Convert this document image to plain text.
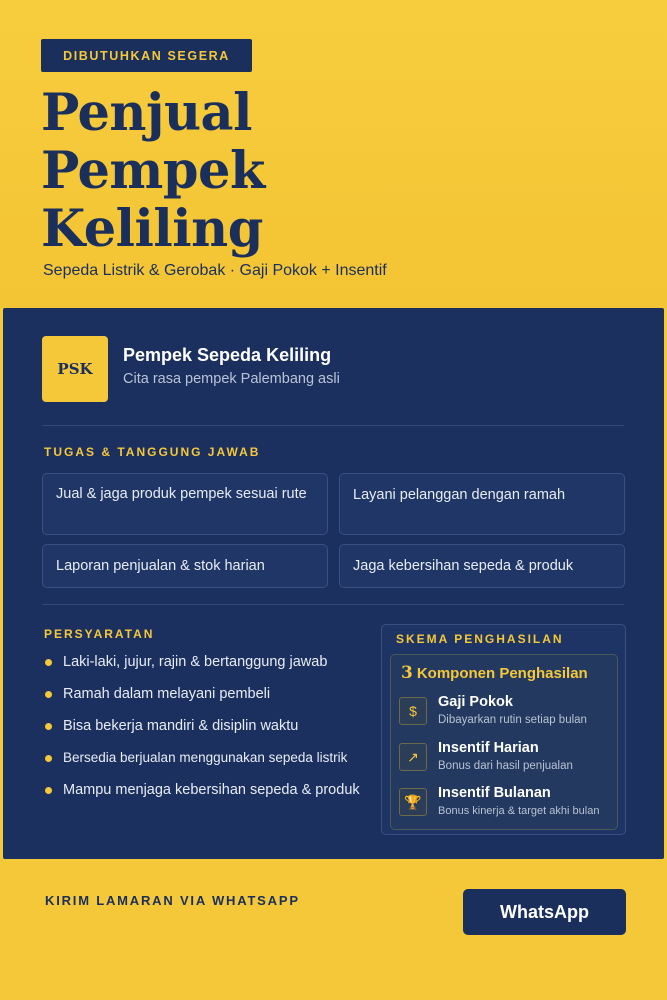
DIBUTUHKAN SEGERA
Penjual
Pempek
Keliling
Sepeda Listrik & Gerobak · Gaji Pokok + Insentif
PSK
Pempek Sepeda Keliling
Cita rasa pempek Palembang asli
TUGAS & TANGGUNG JAWAB
Jual & jaga produk pempek sesuai rute	Layani pelanggan dengan ramah
Laporan penjualan & stok harian	Jaga kebersihan sepeda & produk
PERSYARATAN
Laki-laki, jujur, rajin & bertanggung jawab
Ramah dalam melayani pembeli
Bisa bekerja mandiri & disiplin waktu
Bersedia berjualan menggunakan sepeda listrik
Mampu menjaga kebersihan sepeda & produk
SKEMA PENGHASILAN
3 Komponen Penghasilan
$
Gaji Pokok
Dibayarkan rutin setiap bulan
↗
Insentif Harian
Bonus dari hasil penjualan
🏆
Insentif Bulanan
Bonus kinerja & target akhi bulan
KIRIM LAMARAN VIA WHATSAPP
WhatsApp
